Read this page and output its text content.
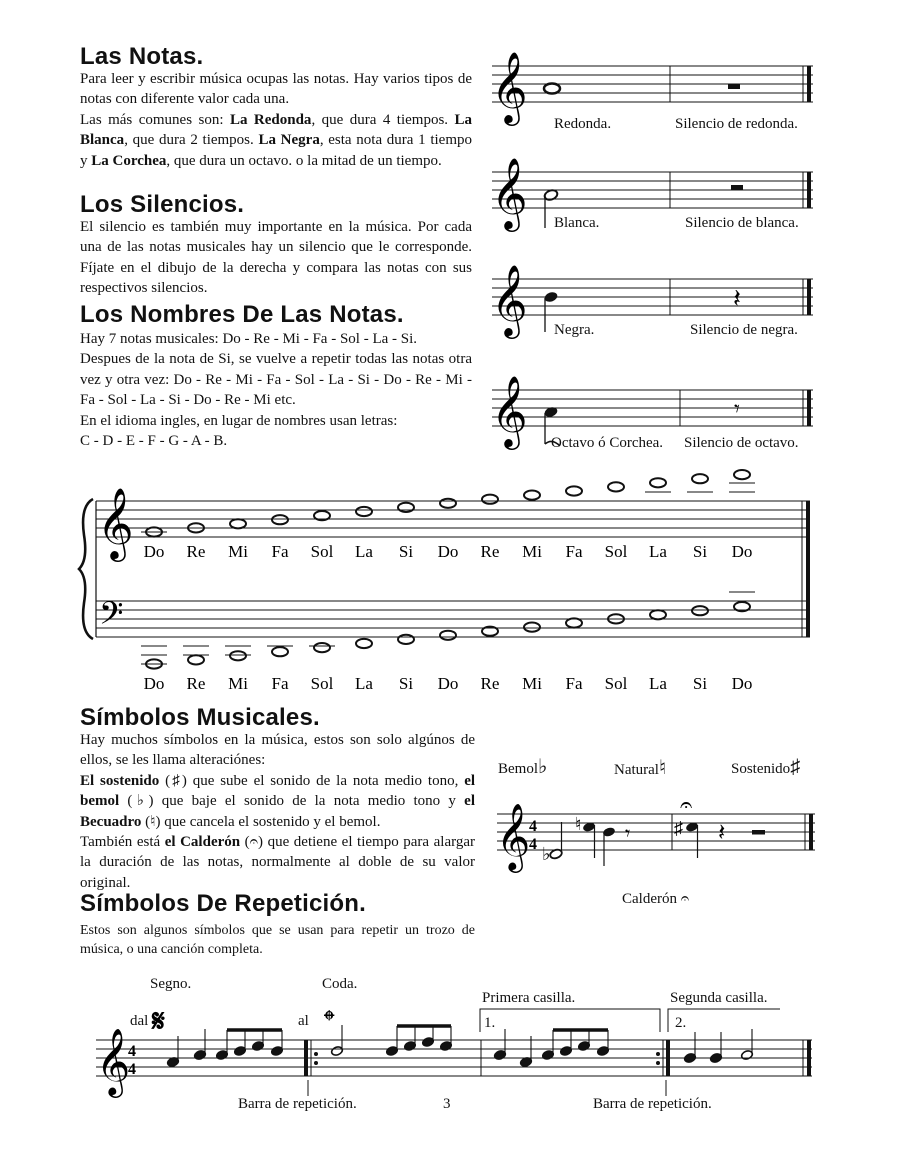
Las Notas.
Para leer y escribir música ocupas las notas. Hay varios tipos de notas con diferente valor cada una.
Las más comunes son: La Redonda, que dura 4 tiempos. La Blanca, que dura 2 tiempos. La Negra, esta nota dura 1 tiempo y La Corchea, que dura un octavo. o la mitad de un tiempo.
Los Silencios.
El silencio es también muy importante en la música. Por cada una de las notas musicales hay un silencio que le corresponde. Fíjate en el dibujo de la derecha y compara las notas con sus respectivos silencios.
Los Nombres De Las Notas.
Hay 7 notas musicales: Do - Re - Mi - Fa - Sol - La - Si.
Despues de la nota de Si, se vuelve a repetir todas las notas otra vez y otra vez: Do - Re - Mi - Fa - Sol - La - Si - Do - Re - Mi - Fa - Sol - La - Si - Do - Re - Mi etc.
En el idioma ingles, en lugar de nombres usan letras:
C - D - E - F - G - A - B.
𝄞
𝄞
𝄞
𝄞
𝄽
𝄾
Redonda.	Silencio de redonda.
Blanca.	Silencio de blanca.
Negra.	Silencio de negra.
Octavo ó Corchea. Silencio de octavo.
𝄞
𝄢
Do Re Mi Fa Sol La Si Do Re Mi Fa Sol La Si Do
Do Re Mi Fa Sol La Si Do Re Mi Fa Sol La Si Do
Símbolos Musicales.
Hay muchos símbolos en la música, estos son solo algúnos de ellos, se les llama alteraciónes:
El sostenido (♯) que sube el sonido de la nota medio tono, el bemol (♭) que baje el sonido de la nota medio tono y el Becuadro (♮) que cancela el sostenido y el bemol.
También está el Calderón (𝄐) que detiene el tiempo para alargar la duración de las notas, normalmente al doble de su valor original.
Bemol♭	Natural♮	Sostenido♯
Calderón 𝄐
𝄞
4
4 ♭
♮ 𝄾
𝄐
♯ 𝄽
Símbolos De Repetición.
Estos son algunos símbolos que se usan para repetir un trozo de música, o una canción completa.
Segno.
dal
Coda.
al
Primera casilla.	Segunda casilla.
1.	2.
Barra de repetición.	Barra de repetición.
3
𝄋	𝄌
𝄞
4
4
